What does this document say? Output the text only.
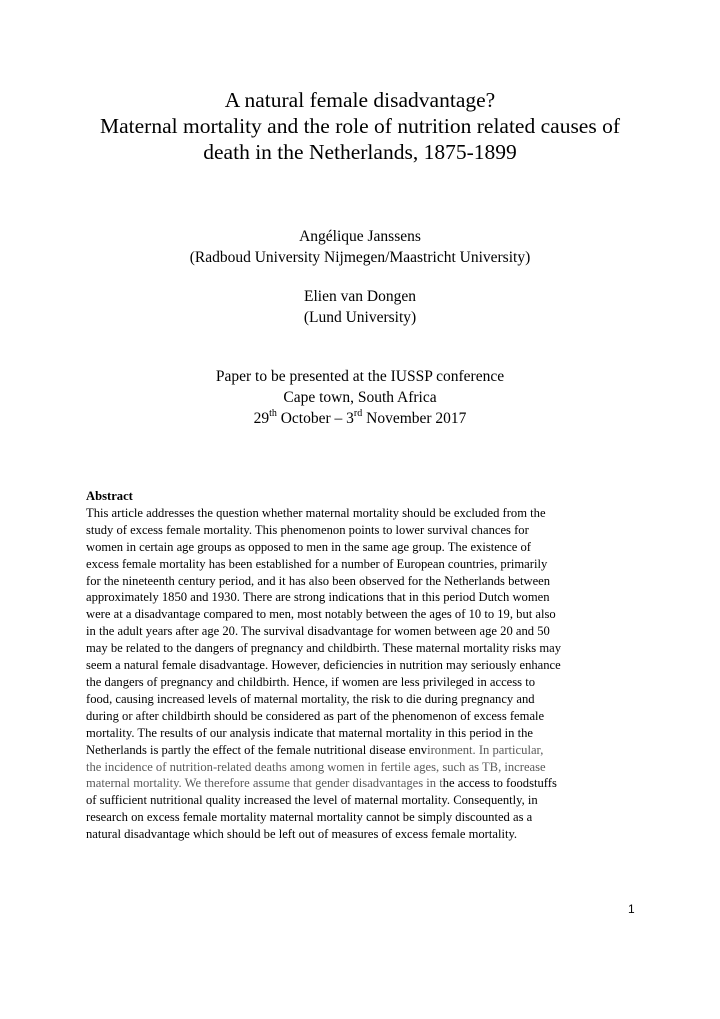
A natural female disadvantage?
Maternal mortality and the role of nutrition related causes of
death in the Netherlands, 1875-1899
Angélique Janssens
(Radboud University Nijmegen/Maastricht University)
Elien van Dongen
(Lund University)
Paper to be presented at the IUSSP conference
Cape town, South Africa
29th October – 3rd November 2017
Abstract
This article addresses the question whether maternal mortality should be excluded from the
study of excess female mortality. This phenomenon points to lower survival chances for
women in certain age groups as opposed to men in the same age group. The existence of
excess female mortality has been established for a number of European countries, primarily
for the nineteenth century period, and it has also been observed for the Netherlands between
approximately 1850 and 1930. There are strong indications that in this period Dutch women
were at a disadvantage compared to men, most notably between the ages of 10 to 19, but also
in the adult years after age 20. The survival disadvantage for women between age 20 and 50
may be related to the dangers of pregnancy and childbirth. These maternal mortality risks may
seem a natural female disadvantage. However, deficiencies in nutrition may seriously enhance
the dangers of pregnancy and childbirth. Hence, if women are less privileged in access to
food, causing increased levels of maternal mortality, the risk to die during pregnancy and
during or after childbirth should be considered as part of the phenomenon of excess female
mortality. The results of our analysis indicate that maternal mortality in this period in the
Netherlands is partly the effect of the female nutritional disease environment. In particular,
the incidence of nutrition-related deaths among women in fertile ages, such as TB, increase
maternal mortality. We therefore assume that gender disadvantages in the access to foodstuffs
of sufficient nutritional quality increased the level of maternal mortality. Consequently, in
research on excess female mortality maternal mortality cannot be simply discounted as a
natural disadvantage which should be left out of measures of excess female mortality.
1
